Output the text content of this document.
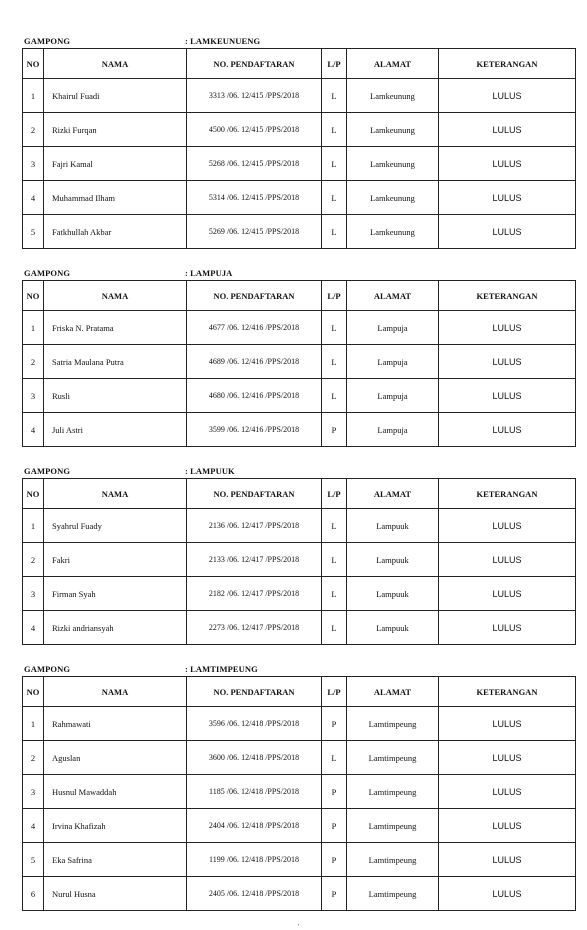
GAMPONG	: LAMKEUNUENG
NO	NAMA	NO. PENDAFTARAN	L/P	ALAMAT	KETERANGAN
1	Khairul Fuadi	3313 /06. 12/415 /PPS/2018	L	Lamkeunung	LULUS
2	Rizki Furqan	4500 /06. 12/415 /PPS/2018	L	Lamkeunung	LULUS
3	Fajri Kamal	5268 /06. 12/415 /PPS/2018	L	Lamkeunung	LULUS
4	Muhammad Ilham	5314 /06. 12/415 /PPS/2018	L	Lamkeunung	LULUS
5	Fatkhullah Akbar	5269 /06. 12/415 /PPS/2018	L	Lamkeunung	LULUS
GAMPONG	: LAMPUJA
NO	NAMA	NO. PENDAFTARAN	L/P	ALAMAT	KETERANGAN
1	Friska N. Pratama	4677 /06. 12/416 /PPS/2018	L	Lampuja	LULUS
2	Satria Maulana Putra	4689 /06. 12/416 /PPS/2018	L	Lampuja	LULUS
3	Rusli	4680 /06. 12/416 /PPS/2018	L	Lampuja	LULUS
4	Juli Astri	3599 /06. 12/416 /PPS/2018	P	Lampuja	LULUS
GAMPONG	: LAMPUUK
NO	NAMA	NO. PENDAFTARAN	L/P	ALAMAT	KETERANGAN
1	Syahrul Fuady	2136 /06. 12/417 /PPS/2018	L	Lampuuk	LULUS
2	Fakri	2133 /06. 12/417 /PPS/2018	L	Lampuuk	LULUS
3	Firman Syah	2182 /06. 12/417 /PPS/2018	L	Lampuuk	LULUS
4	Rizki andriansyah	2273 /06. 12/417 /PPS/2018	L	Lampuuk	LULUS
GAMPONG	: LAMTIMPEUNG
NO	NAMA	NO. PENDAFTARAN	L/P	ALAMAT	KETERANGAN
1	Rahmawati	3596 /06. 12/418 /PPS/2018	P	Lamtimpeung	LULUS
2	Aguslan	3600 /06. 12/418 /PPS/2018	L	Lamtimpeung	LULUS
3	Husnul Mawaddah	1185 /06. 12/418 /PPS/2018	P	Lamtimpeung	LULUS
4	Irvina Khafizah	2404 /06. 12/418 /PPS/2018	P	Lamtimpeung	LULUS
5	Eka Safrina	1199 /06. 12/418 /PPS/2018	P	Lamtimpeung	LULUS
6	Nurul Husna	2405 /06. 12/418 /PPS/2018	P	Lamtimpeung	LULUS
'
